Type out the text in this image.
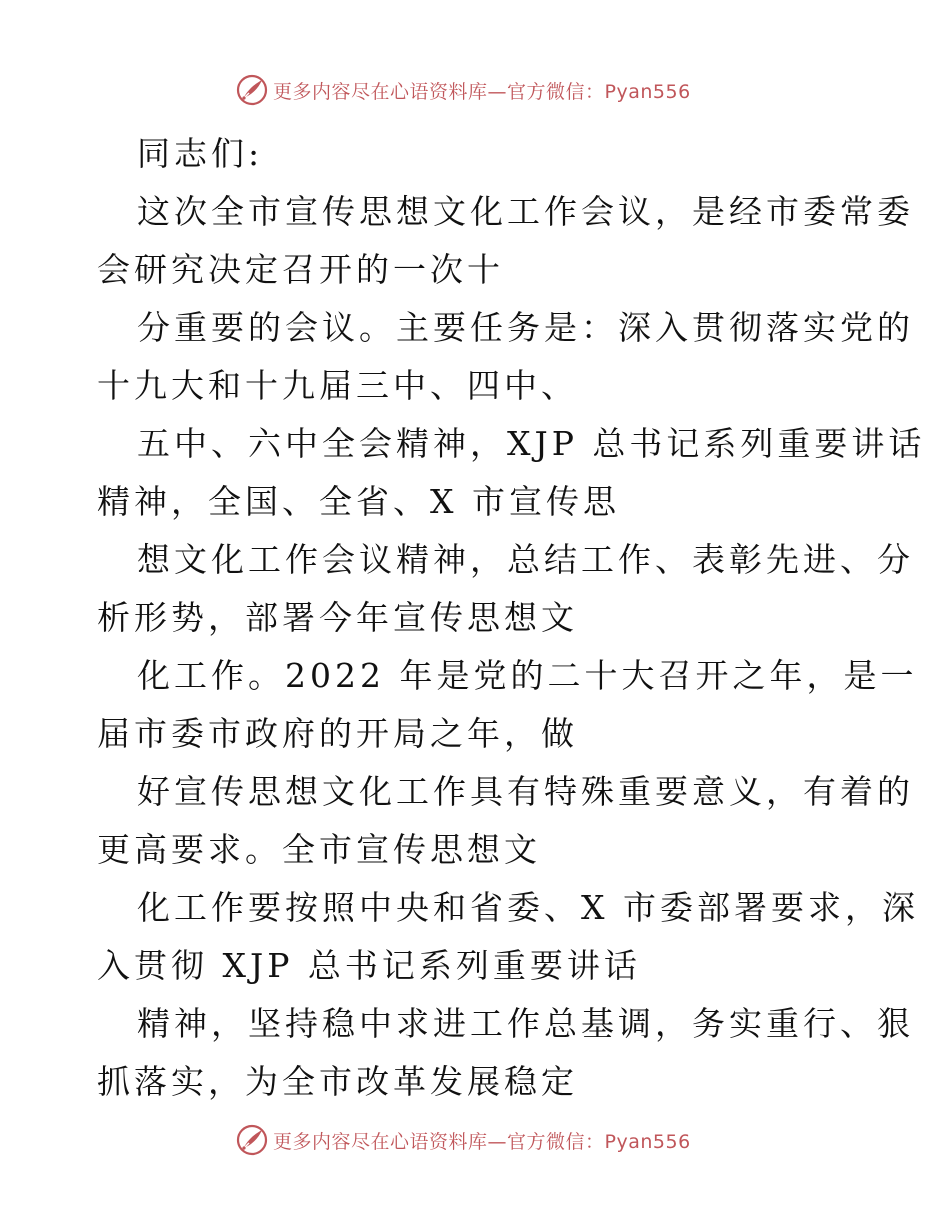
更多内容尽在心语资料库—官方微信：Pyan556
同志们:
这次全市宣传思想文化工作会议，是经市委常委
会研究决定召开的一次十
分重要的会议。主要任务是：深入贯彻落实党的
十九大和十九届三中、四中、
五中、六中全会精神，XJP 总书记系列重要讲话
精神，全国、全省、X 市宣传思
想文化工作会议精神，总结工作、表彰先进、分
析形势，部署今年宣传思想文
化工作。2022 年是党的二十大召开之年，是一
届市委市政府的开局之年，做
好宣传思想文化工作具有特殊重要意义，有着的
更高要求。全市宣传思想文
化工作要按照中央和省委、X 市委部署要求，深
入贯彻 XJP 总书记系列重要讲话
精神，坚持稳中求进工作总基调，务实重行、狠
抓落实，为全市改革发展稳定
更多内容尽在心语资料库—官方微信：Pyan556
